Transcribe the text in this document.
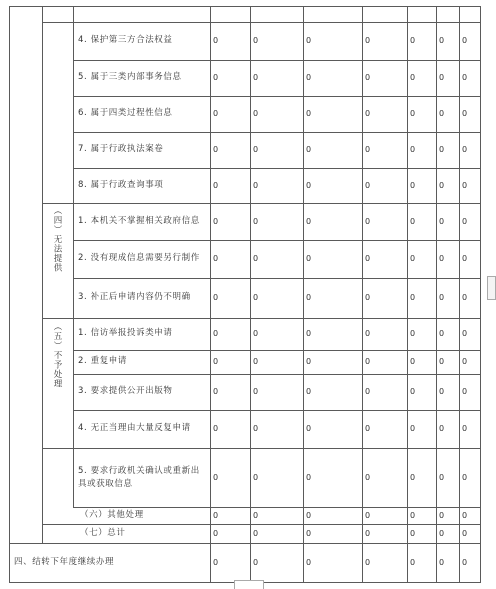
4. 保护第三方合法权益	0	0	0	0	0	0 0
5. 属于三类内部事务信息	0	0	0	0	0	0 0
6. 属于四类过程性信息	0	0	0	0	0	0 0
7. 属于行政执法案卷	0	0	0	0	0	0 0
8. 属于行政查询事项	0	0	0	0	0	0 0
1. 本机关不掌握相关政府信息 0	0	0	0	0	0 0
2. 没有现成信息需要另行制作 0	0	0	0	0	0 0
3. 补正后申请内容仍不明确	0	0	0	0	0	0 0
1. 信访举报投诉类申请	0	0	0	0	0	0 0
2. 重复申请	0	0	0	0	0	0 0
3. 要求提供公开出版物	0	0	0	0	0	0 0
4. 无正当理由大量反复申请	0	0	0	0	0	0 0
5. 要求行政机关确认或重新出
具或获取信息
0	0	0	0	0	0 0
（六）其他处理	0	0	0	0	0	0 0
（七）总计	0	0	0	0	0	0 0
四、结转下年度继续办理	0	0	0	0	0	0 0
（四）无法提供
（五）不予处理
